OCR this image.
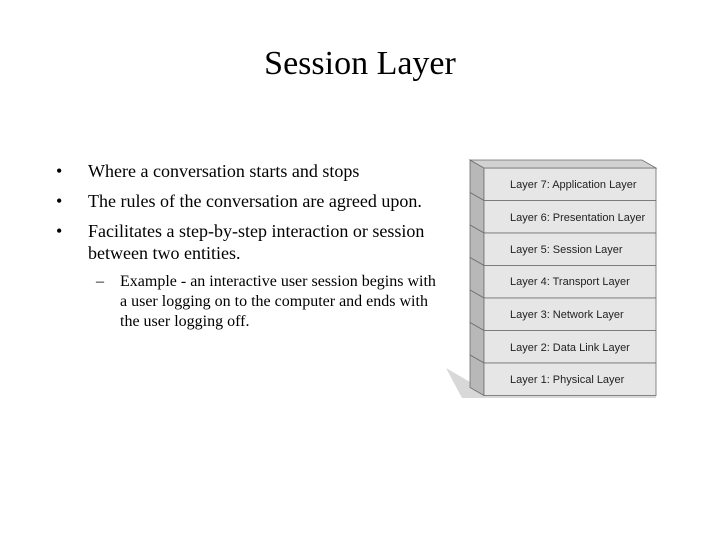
Session Layer
• Where a conversation starts and stops
• The rules of the conversation are agreed upon.
• Facilitates a step-by-step interaction or session between two entities.
– Example - an interactive user session begins with a user logging on to the computer and ends with the user logging off.
Layer 7: Application Layer
Layer 6: Presentation Layer
Layer 5: Session Layer
Layer 4: Transport Layer
Layer 3: Network Layer
Layer 2: Data Link Layer
Layer 1: Physical Layer
